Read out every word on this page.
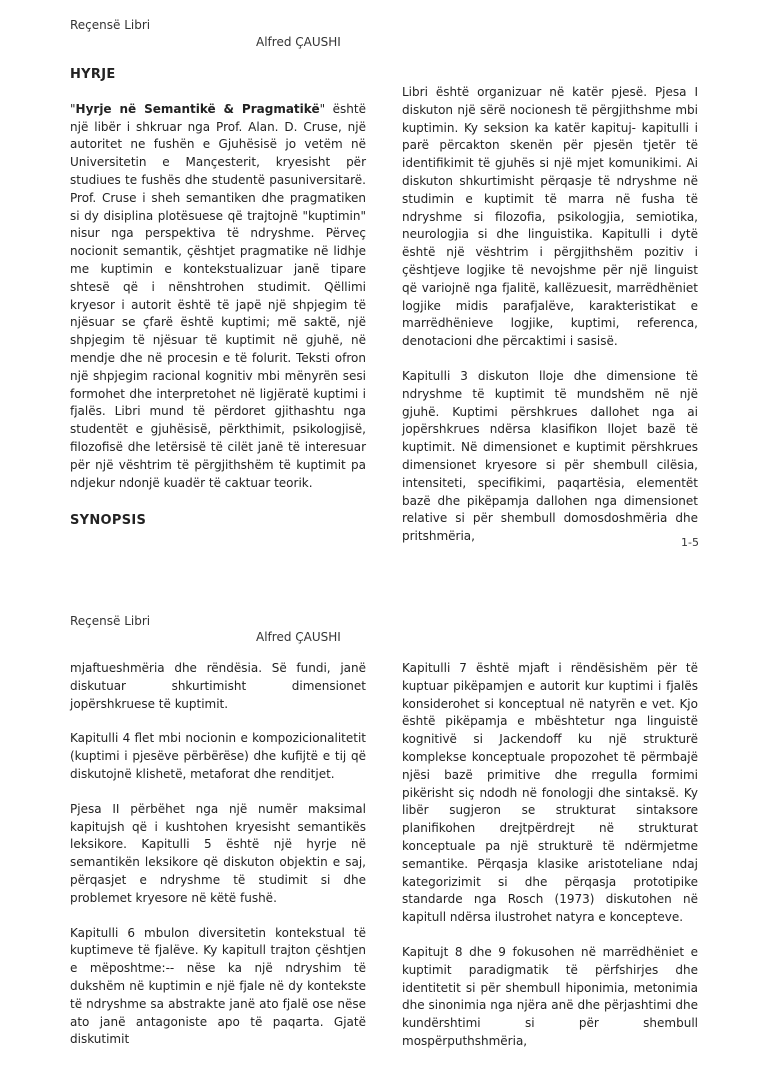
Reçensë Libri
Alfred ÇAUSHI

HYRJE

"Hyrje në Semantikë & Pragmatikë" është një libër i shkruar nga Prof. Alan. D. Cruse, një autoritet ne fushën e Gjuhësisë jo vetëm në Universitetin e Mançesterit, kryesisht për studiues te fushës dhe studentë pasuniversitarë. Prof. Cruse i sheh semantiken dhe pragmatiken si dy disiplina plotësuese që trajtojnë "kuptimin" nisur nga perspektiva të ndryshme. Përveç nocionit semantik, çështjet pragmatike në lidhje me kuptimin e kontekstualizuar janë tipare shtesë që i nënshtrohen studimit. Qëllimi kryesor i autorit është të japë një shpjegim të njësuar se çfarë është kuptimi; më saktë, një shpjegim të njësuar të kuptimit në gjuhë, në mendje dhe në procesin e të folurit. Teksti ofron një shpjegim racional kognitiv mbi mënyrën sesi formohet dhe interpretohet në ligjëratë kuptimi i fjalës. Libri mund të përdoret gjithashtu nga studentët e gjuhësisë, përkthimit, psikologjisë, filozofisë dhe letërsisë të cilët janë të interesuar për një vështrim të përgjithshëm të kuptimit pa ndjekur ndonjë kuadër të caktuar teorik.

SYNOPSIS

Libri është organizuar në katër pjesë. Pjesa I diskuton një sërë nocionesh të përgjithshme mbi kuptimin. Ky seksion ka katër kapituj- kapitulli i parë përcakton skenën për pjesën tjetër të identifikimit të gjuhës si një mjet komunikimi. Ai diskuton shkurtimisht përqasje të ndryshme në studimin e kuptimit të marra në fusha të ndryshme si filozofia, psikologjia, semiotika, neurologjia si dhe linguistika. Kapitulli i dytë është një vështrim i përgjithshëm pozitiv i çështjeve logjike të nevojshme për një linguist që variojnë nga fjalitë, kallëzuesit, marrëdhëniet logjike midis parafjalëve, karakteristikat e marrëdhënieve logjike, kuptimi, referenca, denotacioni dhe përcaktimi i sasisë.

Kapitulli 3 diskuton lloje dhe dimensione të ndryshme të kuptimit të mundshëm në një gjuhë. Kuptimi përshkrues dallohet nga ai jopërshkrues ndërsa klasifikon llojet bazë të kuptimit. Në dimensionet e kuptimit përshkrues dimensionet kryesore si për shembull cilësia, intensiteti, specifikimi, paqartësia, elementët bazë dhe pikëpamja dallohen nga dimensionet relative si për shembull domosdoshmëria dhe pritshmëria,	1-5
Reçensë Libri
Alfred ÇAUSHI

mjaftueshmëria dhe rëndësia. Së fundi, janë diskutuar shkurtimisht dimensionet jopërshkruese të kuptimit.

Kapitulli 4 flet mbi nocionin e kompozicionalitetit (kuptimi i pjesëve përbërëse) dhe kufijtë e tij që diskutojnë klishetë, metaforat dhe renditjet.

Pjesa II përbëhet nga një numër maksimal kapitujsh që i kushtohen kryesisht semantikës leksikore. Kapitulli 5 është një hyrje në semantikën leksikore që diskuton objektin e saj, përqasjet e ndryshme të studimit si dhe problemet kryesore në këtë fushë.

Kapitulli 6 mbulon diversitetin kontekstual të kuptimeve të fjalëve. Ky kapitull trajton çështjen e mëposhtme:-- nëse ka një ndryshim të dukshëm në kuptimin e një fjale në dy kontekste të ndryshme sa abstrakte janë ato fjalë ose nëse ato janë antagoniste apo të paqarta. Gjatë diskutimit

Kapitulli 7 është mjaft i rëndësishëm për të kuptuar pikëpamjen e autorit kur kuptimi i fjalës konsiderohet si konceptual në natyrën e vet. Kjo është pikëpamja e mbështetur nga linguistë kognitivë si Jackendoff ku një strukturë komplekse konceptuale propozohet të përmbajë njësi bazë primitive dhe rregulla formimi pikërisht siç ndodh në fonologji dhe sintaksë. Ky libër sugjeron se strukturat sintaksore planifikohen drejtpërdrejt në strukturat konceptuale pa një strukturë të ndërmjetme semantike. Përqasja klasike aristoteliane ndaj kategorizimit si dhe përqasja prototipike standarde nga Rosch (1973) diskutohen në kapitull ndërsa ilustrohet natyra e koncepteve.

Kapitujt 8 dhe 9 fokusohen në marrëdhëniet e kuptimit paradigmatik të përfshirjes dhe identitetit si për shembull hiponimia, metonimia dhe sinonimia nga njëra anë dhe përjashtimi dhe kundërshtimi si për shembull mospërputhshmëria,
